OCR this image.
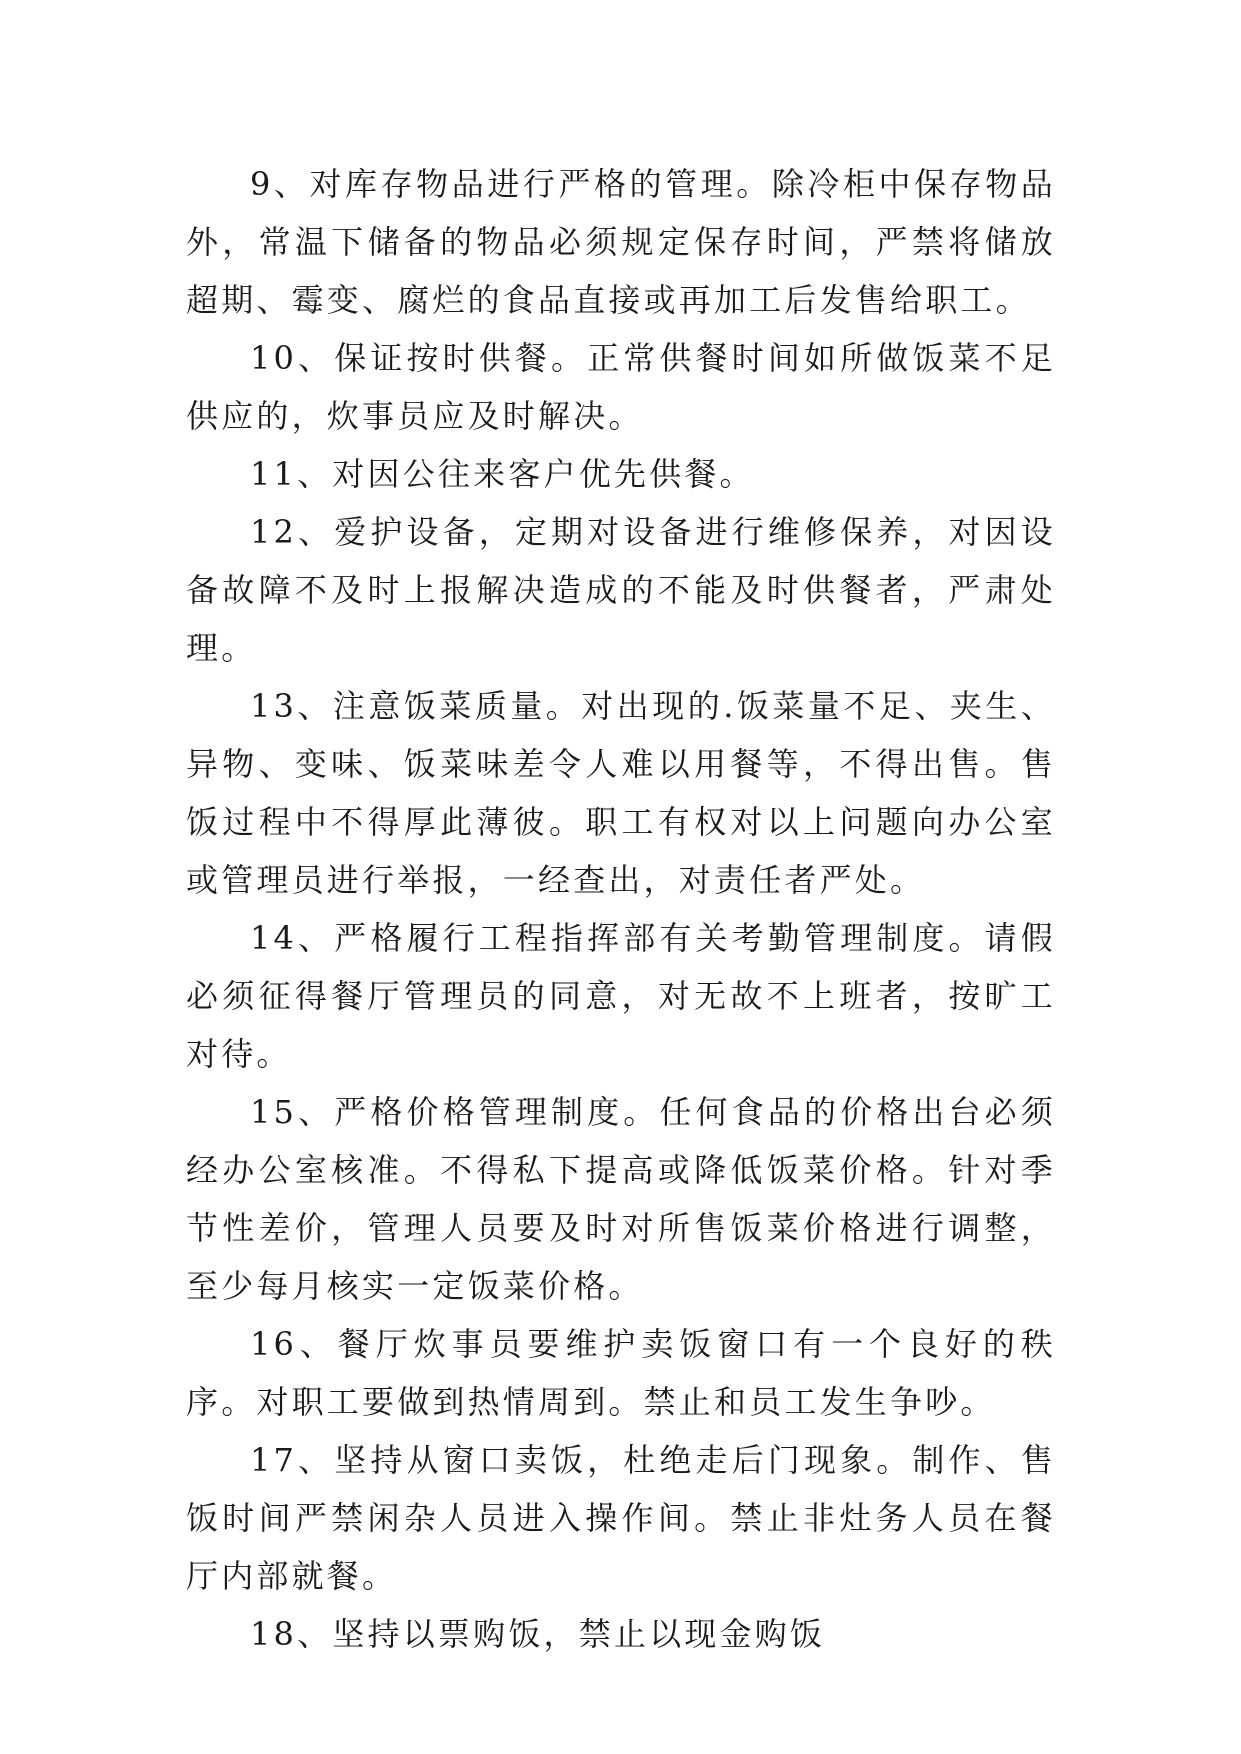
9、对库存物品进行严格的管理。除冷柜中保存物品外，常温下储备的物品必须规定保存时间，严禁将储放超期、霉变、腐烂的食品直接或再加工后发售给职工。

10、保证按时供餐。正常供餐时间如所做饭菜不足供应的，炊事员应及时解决。

11、对因公往来客户优先供餐。

12、爱护设备，定期对设备进行维修保养，对因设备故障不及时上报解决造成的不能及时供餐者，严肃处理。

13、注意饭菜质量。对出现的.饭菜量不足、夹生、异物、变味、饭菜味差令人难以用餐等，不得出售。售饭过程中不得厚此薄彼。职工有权对以上问题向办公室或管理员进行举报，一经查出，对责任者严处。

14、严格履行工程指挥部有关考勤管理制度。请假必须征得餐厅管理员的同意，对无故不上班者，按旷工对待。

15、严格价格管理制度。任何食品的价格出台必须经办公室核准。不得私下提高或降低饭菜价格。针对季节性差价，管理人员要及时对所售饭菜价格进行调整，至少每月核实一定饭菜价格。

16、餐厅炊事员要维护卖饭窗口有一个良好的秩序。对职工要做到热情周到。禁止和员工发生争吵。

17、坚持从窗口卖饭，杜绝走后门现象。制作、售饭时间严禁闲杂人员进入操作间。禁止非灶务人员在餐厅内部就餐。

18、坚持以票购饭，禁止以现金购饭
